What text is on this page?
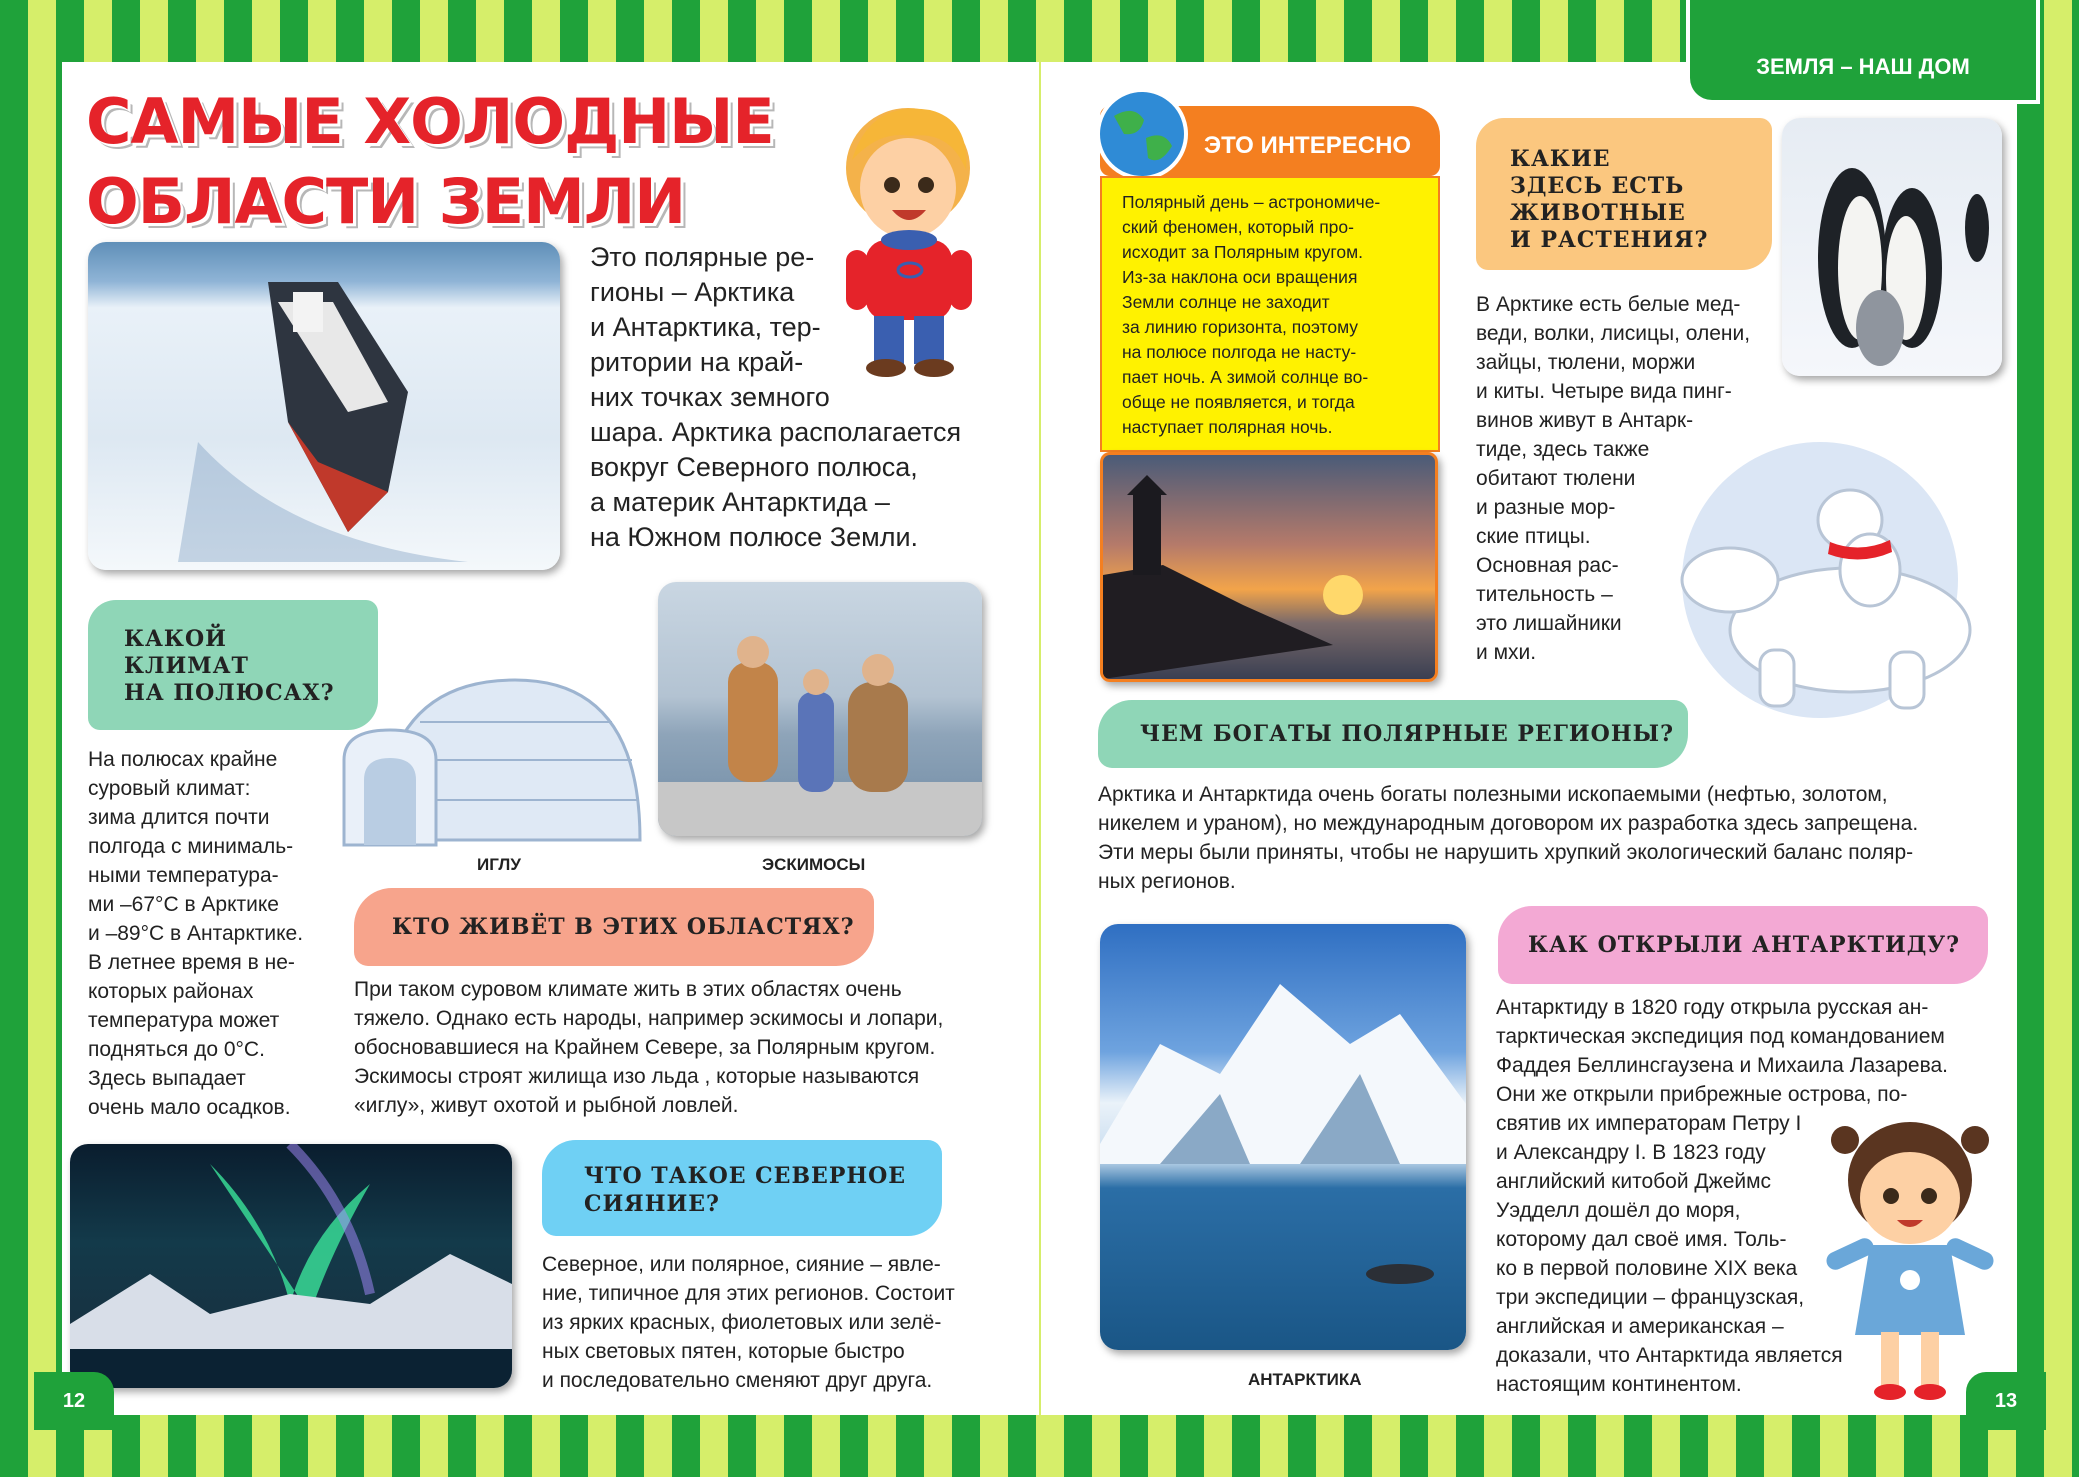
ЗЕМЛЯ – НАШ ДОМ
САМЫЕ ХОЛОДНЫЕ
ОБЛАСТИ ЗЕМЛИ
Это полярные ре-
гионы – Арктика
и Антарктика, тер-
ритории на край-
них точках земного
шара. Арктика располагается
вокруг Северного полюса,
а материк Антарктида –
на Южном полюсе Земли.
КАКОЙ
КЛИМАТ
НА ПОЛЮСАХ?
На полюсах крайне
суровый климат:
зима длится почти
полгода с минималь-
ными температура-
ми –67°С в Арктике
и –89°С в Антарктике.
В летнее время в не-
которых районах
температура может
подняться до 0°С.
Здесь выпадает
очень мало осадков.
ИГЛУ	ЭСКИМОСЫ
КТО ЖИВЁТ В ЭТИХ ОБЛАСТЯХ?
При таком суровом климате жить в этих областях очень
тяжело. Однако есть народы, например эскимосы и лопари,
обосновавшиеся на Крайнем Севере, за Полярным кругом.
Эскимосы строят жилища изо льда , которые называются
«иглу», живут охотой и рыбной ловлей.
ЧТО ТАКОЕ СЕВЕРНОЕ
СИЯНИЕ?
Северное, или полярное, сияние – явле-
ние, типичное для этих регионов. Состоит
из ярких красных, фиолетовых или зелё-
ных световых пятен, которые быстро
и последовательно сменяют друг друга.
12
ЭТО ИНТЕРЕСНО
Полярный день – астрономиче-
ский феномен, который про-
исходит за Полярным кругом.
Из-за наклона оси вращения
Земли солнце не заходит
за линию горизонта, поэтому
на полюсе полгода не насту-
пает ночь. А зимой солнце во-
обще не появляется, и тогда
наступает полярная ночь.
КАКИЕ
ЗДЕСЬ ЕСТЬ
ЖИВОТНЫЕ
И РАСТЕНИЯ?
В Арктике есть белые мед-
веди, волки, лисицы, олени,
зайцы, тюлени, моржи
и киты. Четыре вида пинг-
винов живут в Антарк-
тиде, здесь также
обитают тюлени
и разные мор-
ские птицы.
Основная рас-
тительность –
это лишайники
и мхи.
ЧЕМ БОГАТЫ ПОЛЯРНЫЕ РЕГИОНЫ?
Арктика и Антарктида очень богаты полезными ископаемыми (нефтью, золотом,
никелем и ураном), но международным договором их разработка здесь запрещена.
Эти меры были приняты, чтобы не нарушить хрупкий экологический баланс поляр-
ных регионов.
АНТАРКТИКА
КАК ОТКРЫЛИ АНТАРКТИДУ?
Антарктиду в 1820 году открыла русская ан-
тарктическая экспедиция под командованием
Фаддея Беллинсгаузена и Михаила Лазарева.
Они же открыли прибрежные острова, по-
святив их императорам Петру I
и Александру I. В 1823 году
английский китобой Джеймс
Уэдделл дошёл до моря,
которому дал своё имя. Толь-
ко в первой половине XIX века
три экспедиции – французская,
английская и американская –
доказали, что Антарктида является
настоящим континентом.
13
